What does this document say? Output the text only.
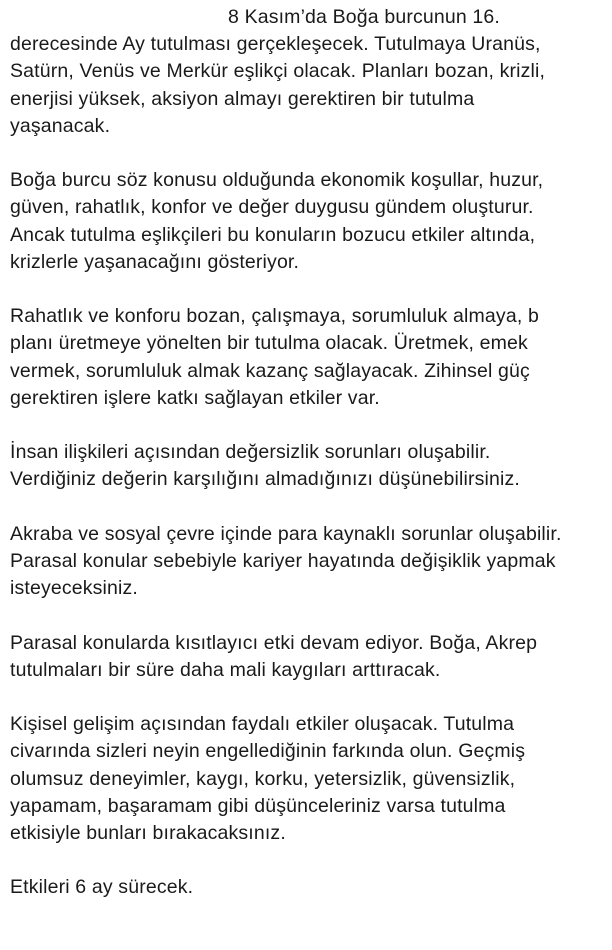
8 Kasım’da Boğa burcunun 16.
derecesinde Ay tutulması gerçekleşecek. Tutulmaya Uranüs,
Satürn, Venüs ve Merkür eşlikçi olacak. Planları bozan, krizli,
enerjisi yüksek, aksiyon almayı gerektiren bir tutulma
yaşanacak.

Boğa burcu söz konusu olduğunda ekonomik koşullar, huzur,
güven, rahatlık, konfor ve değer duygusu gündem oluşturur.
Ancak tutulma eşlikçileri bu konuların bozucu etkiler altında,
krizlerle yaşanacağını gösteriyor.

Rahatlık ve konforu bozan, çalışmaya, sorumluluk almaya, b
planı üretmeye yönelten bir tutulma olacak. Üretmek, emek
vermek, sorumluluk almak kazanç sağlayacak. Zihinsel güç
gerektiren işlere katkı sağlayan etkiler var.

İnsan ilişkileri açısından değersizlik sorunları oluşabilir.
Verdiğiniz değerin karşılığını almadığınızı düşünebilirsiniz.

Akraba ve sosyal çevre içinde para kaynaklı sorunlar oluşabilir.
Parasal konular sebebiyle kariyer hayatında değişiklik yapmak
isteyeceksiniz.

Parasal konularda kısıtlayıcı etki devam ediyor. Boğa, Akrep
tutulmaları bir süre daha mali kaygıları arttıracak.

Kişisel gelişim açısından faydalı etkiler oluşacak. Tutulma
civarında sizleri neyin engellediğinin farkında olun. Geçmiş
olumsuz deneyimler, kaygı, korku, yetersizlik, güvensizlik,
yapamam, başaramam gibi düşünceleriniz varsa tutulma
etkisiyle bunları bırakacaksınız.

Etkileri 6 ay sürecek.
